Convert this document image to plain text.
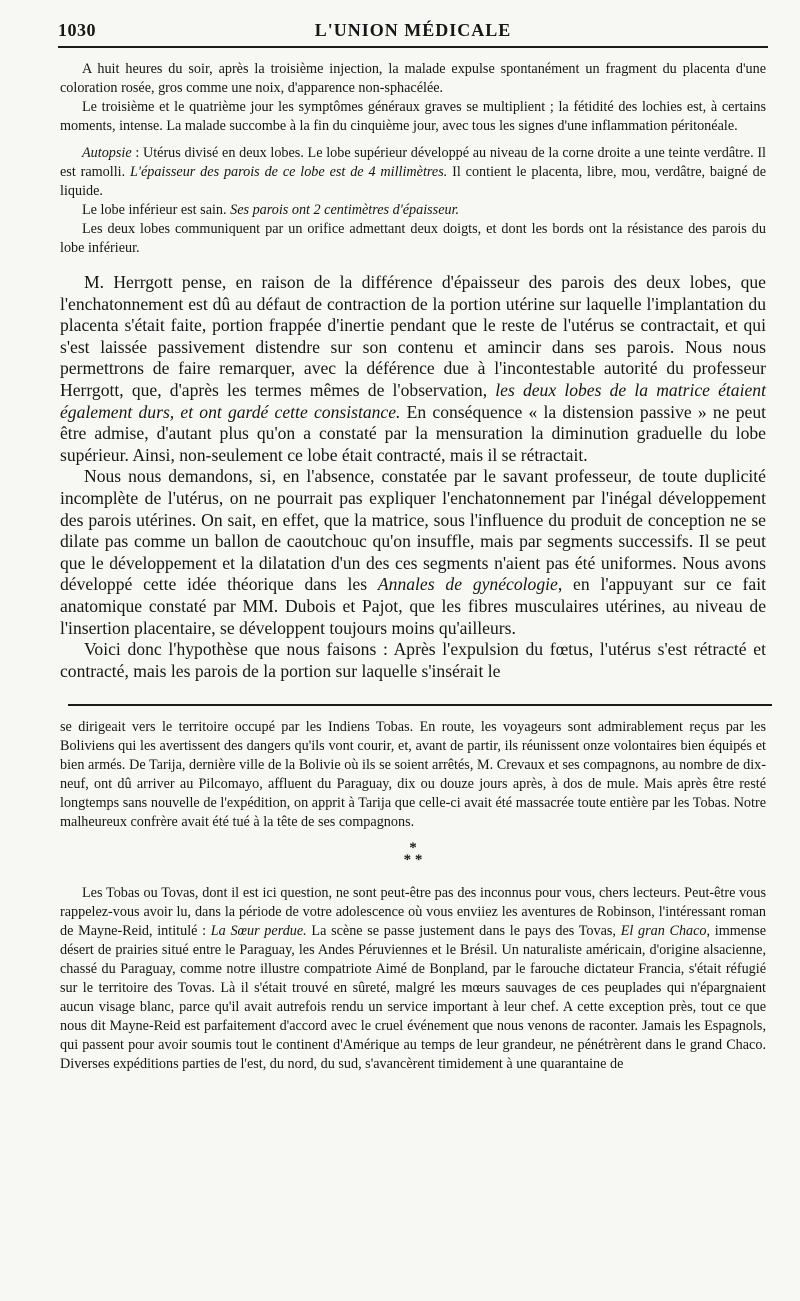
1030	L'UNION MÉDICALE

A huit heures du soir, après la troisième injection, la malade expulse spontanément un fragment du placenta d'une coloration rosée, gros comme une noix, d'apparence non-sphacélée.

Le troisième et le quatrième jour les symptômes généraux graves se multiplient ; la fétidité des lochies est, à certains moments, intense. La malade succombe à la fin du cinquième jour, avec tous les signes d'une inflammation péritonéale.

Autopsie : Utérus divisé en deux lobes. Le lobe supérieur développé au niveau de la corne droite a une teinte verdâtre. Il est ramolli. L'épaisseur des parois de ce lobe est de 4 millimètres. Il contient le placenta, libre, mou, verdâtre, baigné de liquide.

Le lobe inférieur est sain. Ses parois ont 2 centimètres d'épaisseur.

Les deux lobes communiquent par un orifice admettant deux doigts, et dont les bords ont la résistance des parois du lobe inférieur.

M. Herrgott pense, en raison de la différence d'épaisseur des parois des deux lobes, que l'enchatonnement est dû au défaut de contraction de la portion utérine sur laquelle l'implantation du placenta s'était faite, portion frappée d'inertie pendant que le reste de l'utérus se contractait, et qui s'est laissée passivement distendre sur son contenu et amincir dans ses parois. Nous nous permettrons de faire remarquer, avec la déférence due à l'incontestable autorité du professeur Herrgott, que, d'après les termes mêmes de l'observation, les deux lobes de la matrice étaient également durs, et ont gardé cette consistance. En conséquence « la distension passive » ne peut être admise, d'autant plus qu'on a constaté par la mensuration la diminution graduelle du lobe supérieur. Ainsi, non-seulement ce lobe était contracté, mais il se rétractait.

Nous nous demandons, si, en l'absence, constatée par le savant professeur, de toute duplicité incomplète de l'utérus, on ne pourrait pas expliquer l'enchatonnement par l'inégal développement des parois utérines. On sait, en effet, que la matrice, sous l'influence du produit de conception ne se dilate pas comme un ballon de caoutchouc qu'on insuffle, mais par segments successifs. Il se peut que le développement et la dilatation d'un des ces segments n'aient pas été uniformes. Nous avons développé cette idée théorique dans les Annales de gynécologie, en l'appuyant sur ce fait anatomique constaté par MM. Dubois et Pajot, que les fibres musculaires utérines, au niveau de l'insertion placentaire, se développent toujours moins qu'ailleurs.

Voici donc l'hypothèse que nous faisons : Après l'expulsion du fœtus, l'utérus s'est rétracté et contracté, mais les parois de la portion sur laquelle s'insérait le

se dirigeait vers le territoire occupé par les Indiens Tobas. En route, les voyageurs sont admirablement reçus par les Boliviens qui les avertissent des dangers qu'ils vont courir, et, avant de partir, ils réunissent onze volontaires bien équipés et bien armés. De Tarija, dernière ville de la Bolivie où ils se soient arrêtés, M. Crevaux et ses compagnons, au nombre de dix-neuf, ont dû arriver au Pilcomayo, affluent du Paraguay, dix ou douze jours après, à dos de mule. Mais après être resté longtemps sans nouvelle de l'expédition, on apprit à Tarija que celle-ci avait été massacrée toute entière par les Tobas. Notre malheureux confrère avait été tué à la tête de ses compagnons.

*
* *

Les Tobas ou Tovas, dont il est ici question, ne sont peut-être pas des inconnus pour vous, chers lecteurs. Peut-être vous rappelez-vous avoir lu, dans la période de votre adolescence où vous enviiez les aventures de Robinson, l'intéressant roman de Mayne-Reid, intitulé : La Sœur perdue. La scène se passe justement dans le pays des Tovas, El gran Chaco, immense désert de prairies situé entre le Paraguay, les Andes Péruviennes et le Brésil. Un naturaliste américain, d'origine alsacienne, chassé du Paraguay, comme notre illustre compatriote Aimé de Bonpland, par le farouche dictateur Francia, s'était réfugié sur le territoire des Tovas. Là il s'était trouvé en sûreté, malgré les mœurs sauvages de ces peuplades qui n'épargnaient aucun visage blanc, parce qu'il avait autrefois rendu un service important à leur chef. A cette exception près, tout ce que nous dit Mayne-Reid est parfaitement d'accord avec le cruel événement que nous venons de raconter. Jamais les Espagnols, qui passent pour avoir soumis tout le continent d'Amérique au temps de leur grandeur, ne pénétrèrent dans le grand Chaco. Diverses expéditions parties de l'est, du nord, du sud, s'avancèrent timidement à une quarantaine de
